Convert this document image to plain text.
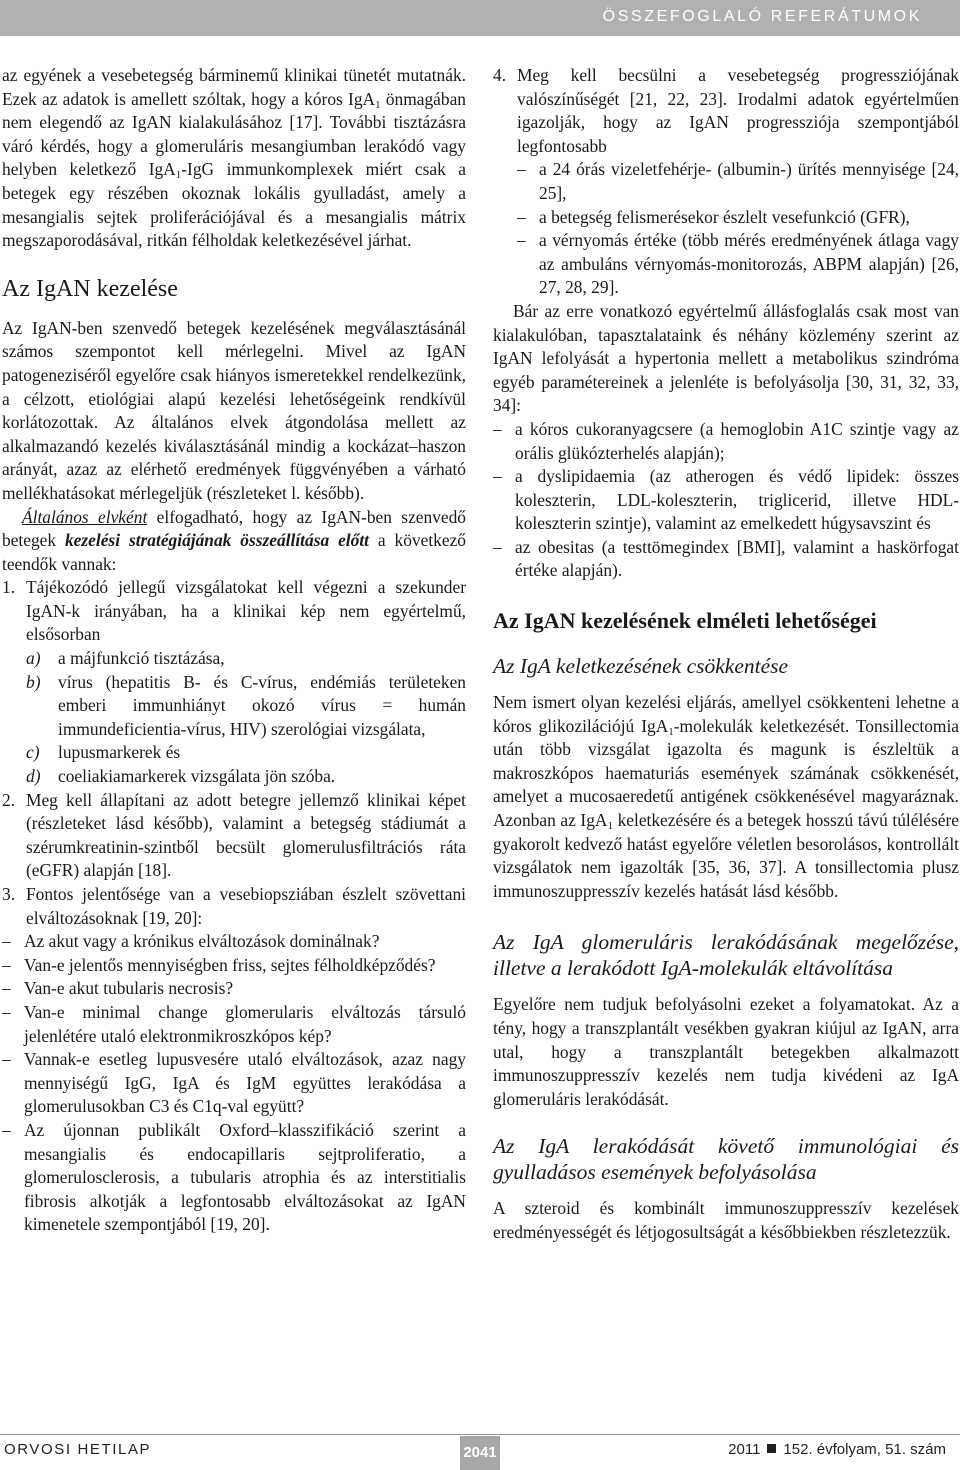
ÖSSZEFOGLALÓ REFERÁTUMOK

az egyének a vesebetegség bárminemű klinikai tünetét mutatnák. Ezek az adatok is amellett szóltak, hogy a kóros IgA1 önmagában nem elegendő az IgAN kialakulásához [17]. További tisztázásra váró kérdés, hogy a glomeruláris mesangiumban lerakódó vagy helyben keletkező IgA1-IgG immunkomplexek miért csak a betegek egy részében okoznak lokális gyulladást, amely a mesangialis sejtek proliferációjával és a mesangialis mátrix megszaporodásával, ritkán félholdak keletkezésével járhat.

Az IgAN kezelése

Az IgAN-ben szenvedő betegek kezelésének megválasztásánál számos szempontot kell mérlegelni. Mivel az IgAN patogeneziséről egyelőre csak hiányos ismeretekkel rendelkezünk, a célzott, etiológiai alapú kezelési lehetőségeink rendkívül korlátozottak. Az általános elvek átgondolása mellett az alkalmazandó kezelés kiválasztásánál mindig a kockázat–haszon arányát, azaz az elérhető eredmények függvényében a várható mellékhatásokat mérlegeljük (részleteket l. később).

Általános elvként elfogadható, hogy az IgAN-ben szenvedő betegek kezelési stratégiájának összeállítása előtt a következő teendők vannak:

1. Tájékozódó jellegű vizsgálatokat kell végezni a szekunder IgAN-k irányában, ha a klinikai kép nem egyértelmű, elsősorban
a) a májfunkció tisztázása,
b) vírus (hepatitis B- és C-vírus, endémiás területeken emberi immunhiányt okozó vírus = humán immundeficientia-vírus, HIV) szerológiai vizsgálata,
c) lupusmarkerek és
d) coeliakiamarkerek vizsgálata jön szóba.
2. Meg kell állapítani az adott betegre jellemző klinikai képet (részleteket lásd később), valamint a betegség stádiumát a szérumkreatinin-szintből becsült glomerulusfiltrációs ráta (eGFR) alapján [18].
3. Fontos jelentősége van a vesebiopsziában észlelt szövettani elváltozásoknak [19, 20]:
– Az akut vagy a krónikus elváltozások dominálnak?
– Van-e jelentős mennyiségben friss, sejtes félholdképződés?
– Van-e akut tubularis necrosis?
– Van-e minimal change glomerularis elváltozás társuló jelenlétére utaló elektronmikroszkópos kép?
– Vannak-e esetleg lupusvesére utaló elváltozások, azaz nagy mennyiségű IgG, IgA és IgM együttes lerakódása a glomerulusokban C3 és C1q-val együtt?
– Az újonnan publikált Oxford–klasszifikáció szerint a mesangialis és endocapillaris sejtproliferatio, a glomerulosclerosis, a tubularis atrophia és az interstitialis fibrosis alkotják a legfontosabb elváltozásokat az IgAN kimenetele szempontjából [19, 20].
4. Meg kell becsülni a vesebetegség progressziójának valószínűségét [21, 22, 23]. Irodalmi adatok egyértelműen igazolják, hogy az IgAN progressziója szempontjából legfontosabb
– a 24 órás vizeletfehérje- (albumin-) ürítés mennyisége [24, 25],
– a betegség felismerésekor észlelt vesefunkció (GFR),
– a vérnyomás értéke (több mérés eredményének átlaga vagy az ambuláns vérnyomás-monitorozás, ABPM alapján) [26, 27, 28, 29].

Bár az erre vonatkozó egyértelmű állásfoglalás csak most van kialakulóban, tapasztalataink és néhány közlemény szerint az IgAN lefolyását a hypertonia mellett a metabolikus szindróma egyéb paramétereinek a jelenléte is befolyásolja [30, 31, 32, 33, 34]:

– a kóros cukoranyagcsere (a hemoglobin A1C szintje vagy az orális glükózterhelés alapján);
– a dyslipidaemia (az atherogen és védő lipidek: összes koleszterin, LDL-koleszterin, triglicerid, illetve HDL-koleszterin szintje), valamint az emelkedett húgysavszint és
– az obesitas (a testtömegindex [BMI], valamint a haskörfogat értéke alapján).
Az IgAN kezelésének elméleti lehetőségei
Az IgA keletkezésének csökkentése

Nem ismert olyan kezelési eljárás, amellyel csökkenteni lehetne a kóros glikozilációjú IgA1-molekulák keletkezését. Tonsillectomia után több vizsgálat igazolta és magunk is észleltük a makroszkópos haematuriás események számának csökkenését, amelyet a mucosaeredetű antigének csökkenésével magyaráznak. Azonban az IgA1 keletkezésére és a betegek hosszú távú túlélésére gyakorolt kedvező hatást egyelőre véletlen besorolásos, kontrollált vizsgálatok nem igazolták [35, 36, 37]. A tonsillectomia plusz immunoszuppresszív kezelés hatását lásd később.

Az IgA glomeruláris lerakódásának megelőzése, illetve a lerakódott IgA-molekulák eltávolítása

Egyelőre nem tudjuk befolyásolni ezeket a folyamatokat. Az a tény, hogy a transzplantált vesékben gyakran kiújul az IgAN, arra utal, hogy a transzplantált betegekben alkalmazott immunoszuppresszív kezelés nem tudja kivédeni az IgA glomeruláris lerakódását.

Az IgA lerakódását követő immunológiai és gyulladásos események befolyásolása

A szteroid és kombinált immunoszuppresszív kezelések eredményességét és létjogosultságát a későbbiekben részletezzük.

ORVOSI HETILAP	2041	2011 152. évfolyam, 51. szám
